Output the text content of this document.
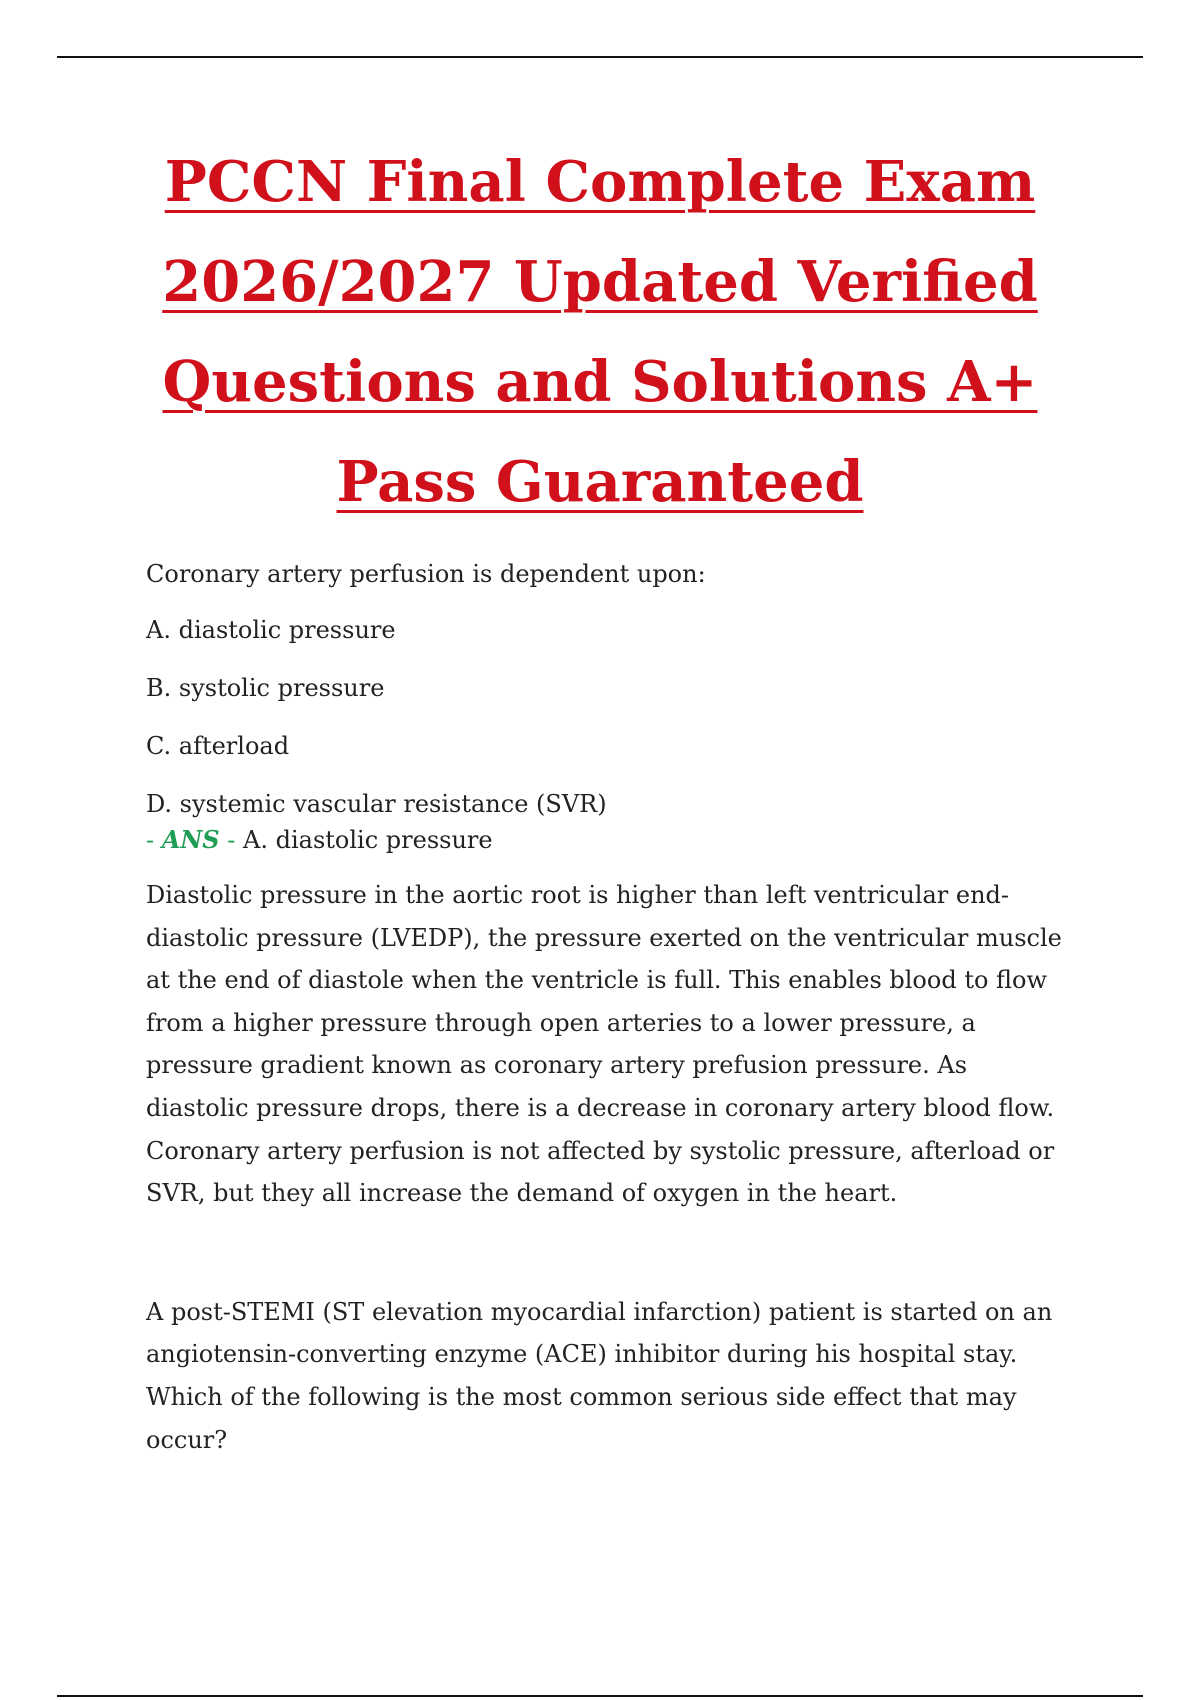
PCCN Final Complete Exam
2026/2027 Updated Verified
Questions and Solutions A+
Pass Guaranteed

Coronary artery perfusion is dependent upon:

A. diastolic pressure

B. systolic pressure

C. afterload

D. systemic vascular resistance (SVR)

- ANS - A. diastolic pressure

Diastolic pressure in the aortic root is higher than left ventricular end-diastolic pressure (LVEDP), the pressure exerted on the ventricular muscle at the end of diastole when the ventricle is full. This enables blood to flow from a higher pressure through open arteries to a lower pressure, a pressure gradient known as coronary artery prefusion pressure. As diastolic pressure drops, there is a decrease in coronary artery blood flow. Coronary artery perfusion is not affected by systolic pressure, afterload or SVR, but they all increase the demand of oxygen in the heart.

A post-STEMI (ST elevation myocardial infarction) patient is started on an angiotensin-converting enzyme (ACE) inhibitor during his hospital stay. Which of the following is the most common serious side effect that may occur?
